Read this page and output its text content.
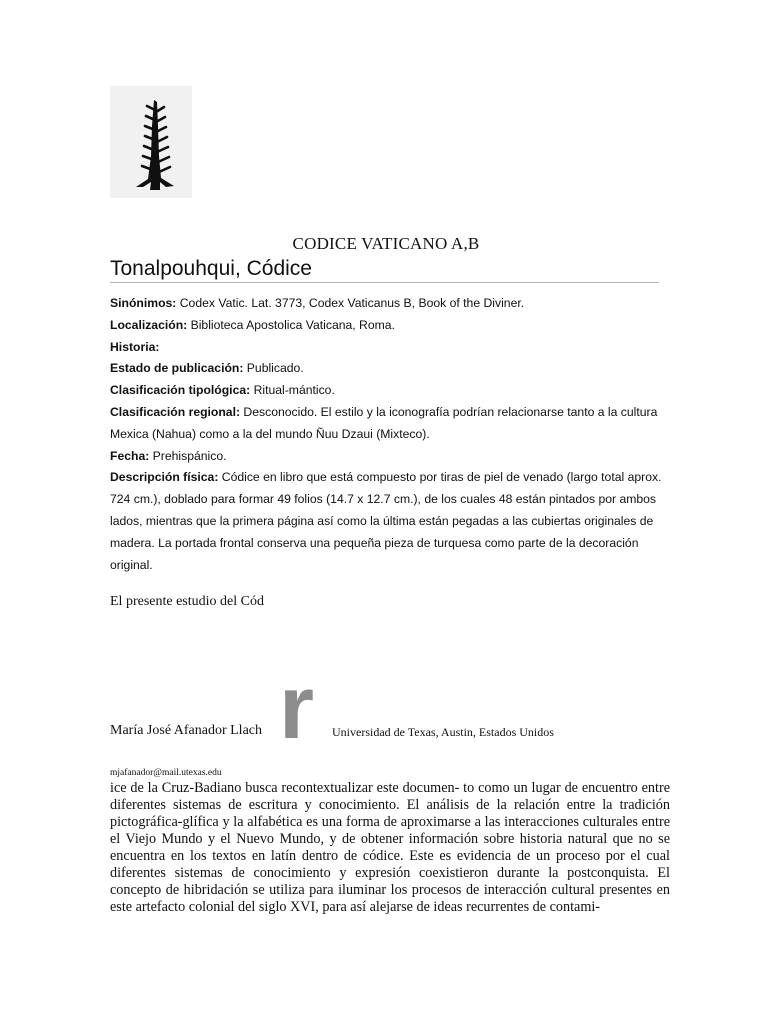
CODICE VATICANO A,B
Tonalpouhqui, Códice

Sinónimos: Codex Vatic. Lat. 3773, Codex Vaticanus B, Book of the Diviner.

Localización: Biblioteca Apostolica Vaticana, Roma.

Historia:

Estado de publicación: Publicado.

Clasificación tipológica: Ritual-mántico.

Clasificación regional: Desconocido. El estilo y la iconografía podrían relacionarse tanto a la cultura Mexica (Nahua) como a la del mundo Ñuu Dzaui (Mixteco).

Fecha: Prehispánico.

Descripción física: Códice en libro que está compuesto por tiras de piel de venado (largo total aprox. 724 cm.), doblado para formar 49 folios (14.7 x 12.7 cm.), de los cuales 48 están pintados por ambos lados, mientras que la primera página así como la última están pegadas a las cubiertas originales de madera. La portada frontal conserva una pequeña pieza de turquesa como parte de la decoración original.

El presente estudio del Cód
r
María José Afanador Llach	Universidad de Texas, Austin, Estados Unidos
mjafanador@mail.utexas.edu
ice de la Cruz-Badiano busca recontextualizar este documen- to como un lugar de encuentro entre diferentes sistemas de escritura y conocimiento. El análisis de la relación entre la tradición pictográfica-glífica y la alfabética es una forma de aproximarse a las interacciones culturales entre el Viejo Mundo y el Nuevo Mundo, y de obtener información sobre historia natural que no se encuentra en los textos en latín dentro de códice. Este es evidencia de un proceso por el cual diferentes sistemas de conocimiento y expresión coexistieron durante la postconquista. El concepto de hibridación se utiliza para iluminar los procesos de interacción cultural presentes en este artefacto colonial del siglo XVI, para así alejarse de ideas recurrentes de contami-
